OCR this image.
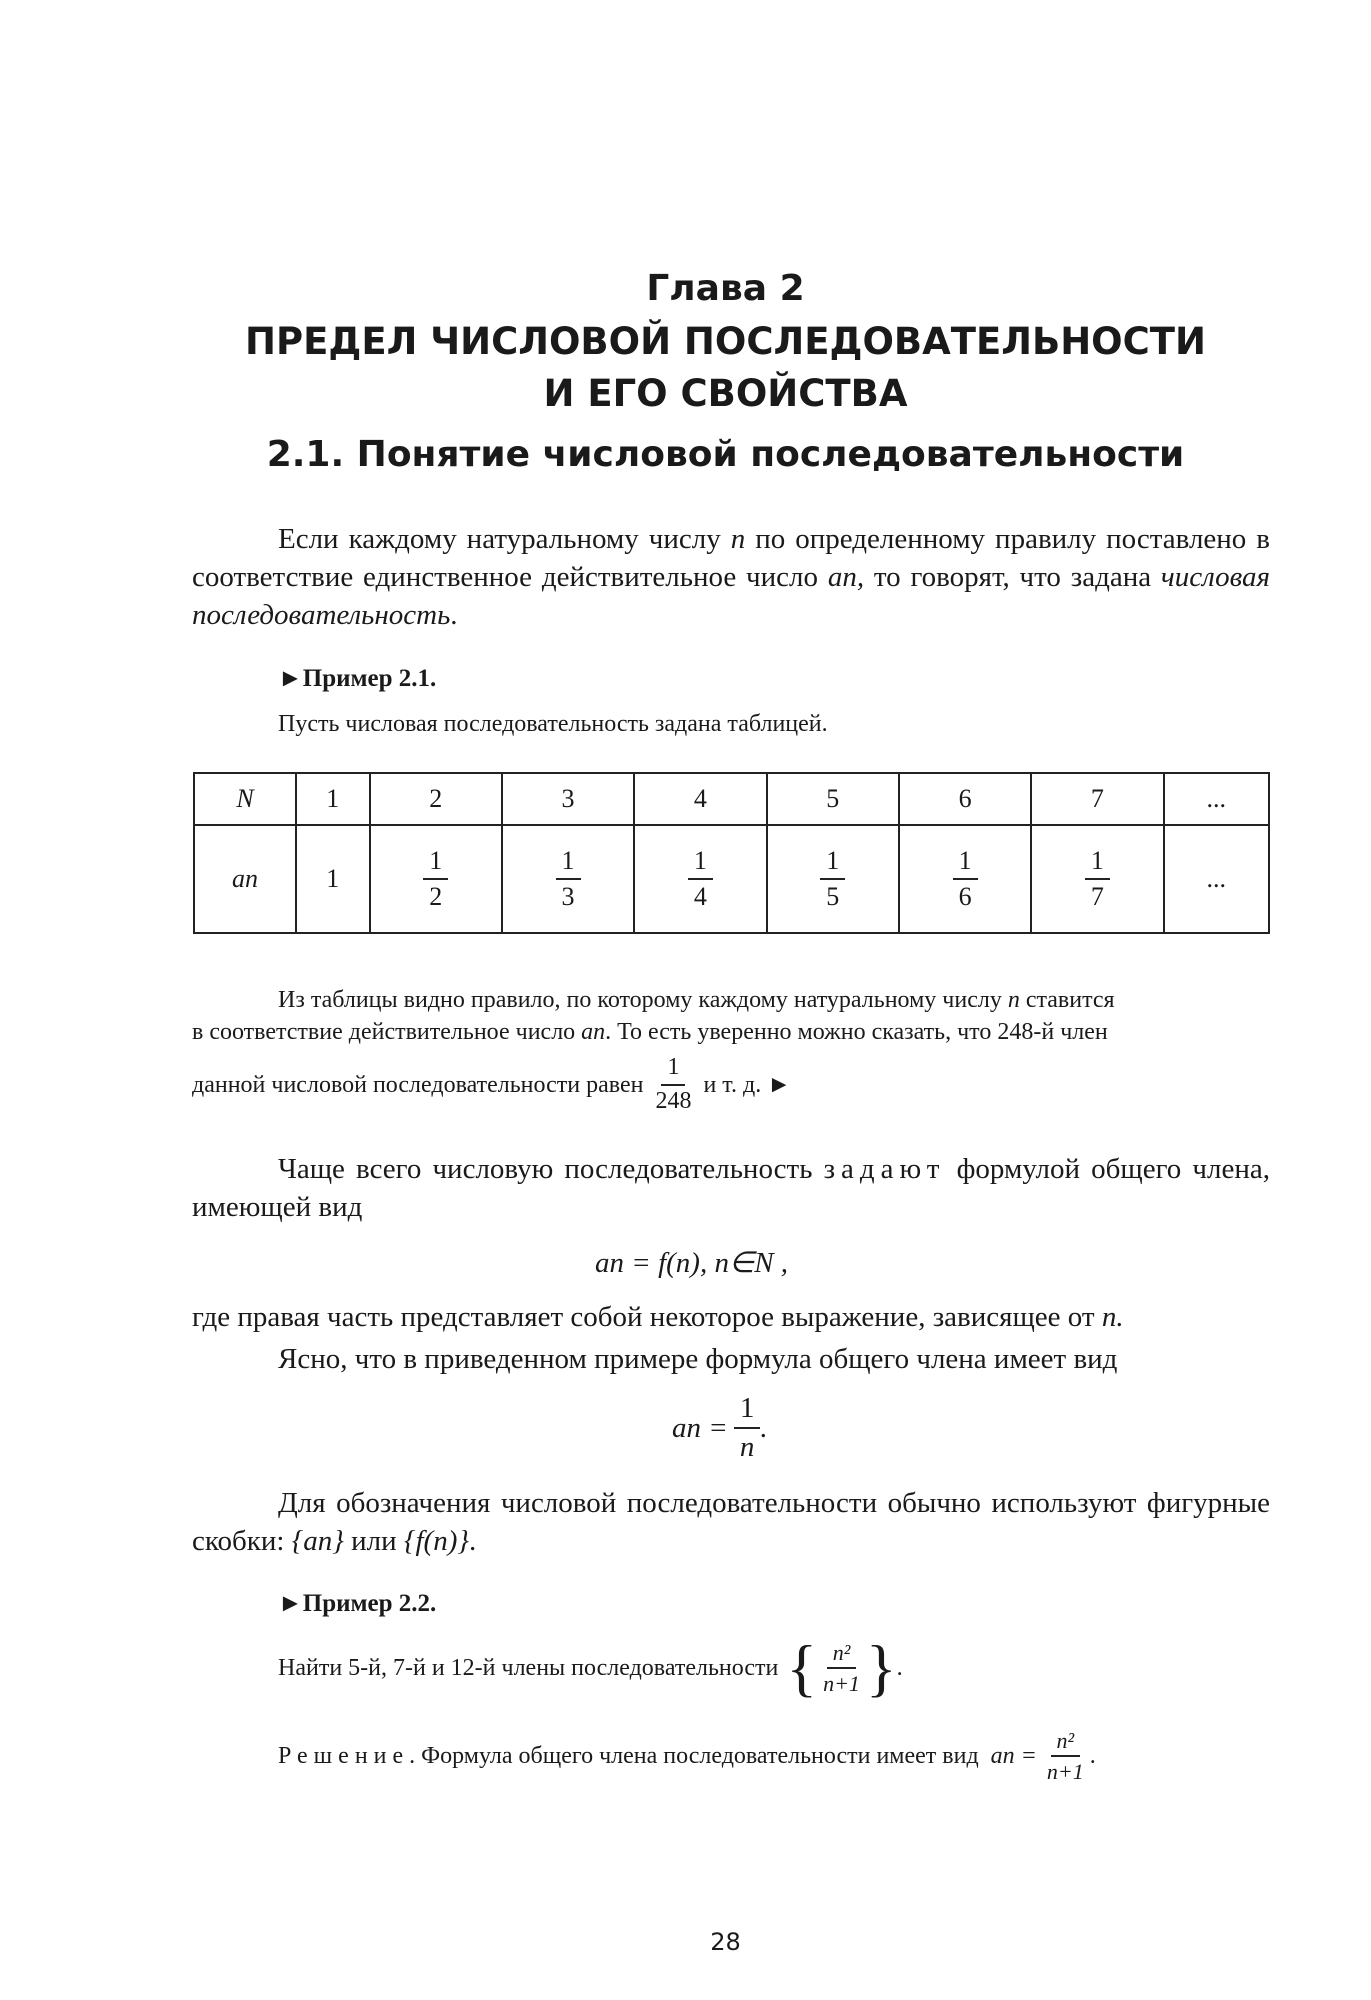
Глава 2
ПРЕДЕЛ ЧИСЛОВОЙ ПОСЛЕДОВАТЕЛЬНОСТИ
И ЕГО СВОЙСТВА
2.1. Понятие числовой последовательности
Если каждому натуральному числу n по определенному правилу поставлено в соответствие единственное действительное число an, то говорят, что задана числовая последовательность.
►Пример 2.1.
Пусть числовая последовательность задана таблицей.
N	1	2	3	4	5	6	7	...
an	1	$\frac{1}{2}$	$\frac{1}{3}$	$\frac{1}{4}$	$\frac{1}{5}$	$\frac{1}{6}$	$\frac{1}{7}$	...
Из таблицы видно правило, по которому каждому натуральному числу n ставится
в соответствие действительное число an. То есть уверенно можно сказать, что 248-й член
данной числовой последовательности равен $\frac{1}{248}$ и т. д. ►
Чаще всего числовую последовательность задают формулой общего члена, имеющей вид
an = f(n), n∈N ,
где правая часть представляет собой некоторое выражение, зависящее от n.
Ясно, что в приведенном примере формула общего члена имеет вид
an = $\frac{1}{n}$ .
Для обозначения числовой последовательности обычно используют фигурные скобки: {an} или {f(n)}.
►Пример 2.2.
Найти 5-й, 7-й и 12-й члены последовательности { $\frac{\text{n²}}{n+1}$ } .
Решение . Формула общего члена последовательности имеет вид an = $\frac{\text{n²}}{n+1}$ .
28
